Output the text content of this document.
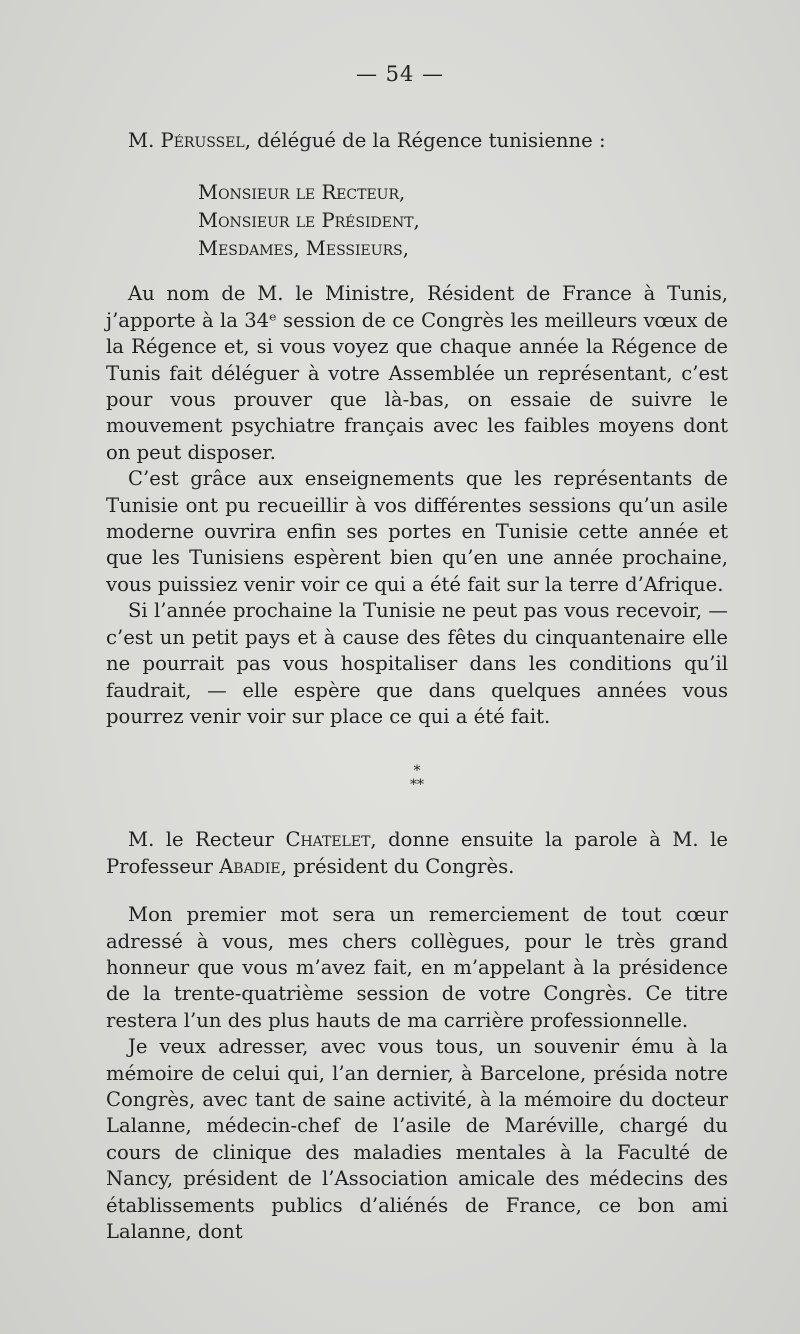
— 54 —

M. Pérussel, délégué de la Régence tunisienne :

Monsieur le Recteur,
Monsieur le Président,
Mesdames, Messieurs,

Au nom de M. le Ministre, Résident de France à Tunis, j’apporte à la 34ᵉ session de ce Congrès les meilleurs vœux de la Régence et, si vous voyez que chaque année la Régence de Tunis fait déléguer à votre Assemblée un représentant, c’est pour vous prouver que là-bas, on essaie de suivre le mouvement psychiatre français avec les faibles moyens dont on peut disposer.

C’est grâce aux enseignements que les représentants de Tunisie ont pu recueillir à vos différentes sessions qu’un asile moderne ouvrira enfin ses portes en Tunisie cette année et que les Tunisiens espèrent bien qu’en une année prochaine, vous puissiez venir voir ce qui a été fait sur la terre d’Afrique.

Si l’année prochaine la Tunisie ne peut pas vous recevoir, — c’est un petit pays et à cause des fêtes du cinquantenaire elle ne pourrait pas vous hospitaliser dans les conditions qu’il faudrait, — elle espère que dans quelques années vous pourrez venir voir sur place ce qui a été fait.

*
**

M. le Recteur Chatelet, donne ensuite la parole à M. le Professeur Abadie, président du Congrès.

Mon premier mot sera un remerciement de tout cœur adressé à vous, mes chers collègues, pour le très grand honneur que vous m’avez fait, en m’appelant à la présidence de la trente-quatrième session de votre Congrès. Ce titre restera l’un des plus hauts de ma carrière professionnelle.

Je veux adresser, avec vous tous, un souvenir ému à la mémoire de celui qui, l’an dernier, à Barcelone, présida notre Congrès, avec tant de saine activité, à la mémoire du docteur Lalanne, médecin-chef de l’asile de Maréville, chargé du cours de clinique des maladies mentales à la Faculté de Nancy, président de l’Association amicale des médecins des établissements publics d’aliénés de France, ce bon ami Lalanne, dont
